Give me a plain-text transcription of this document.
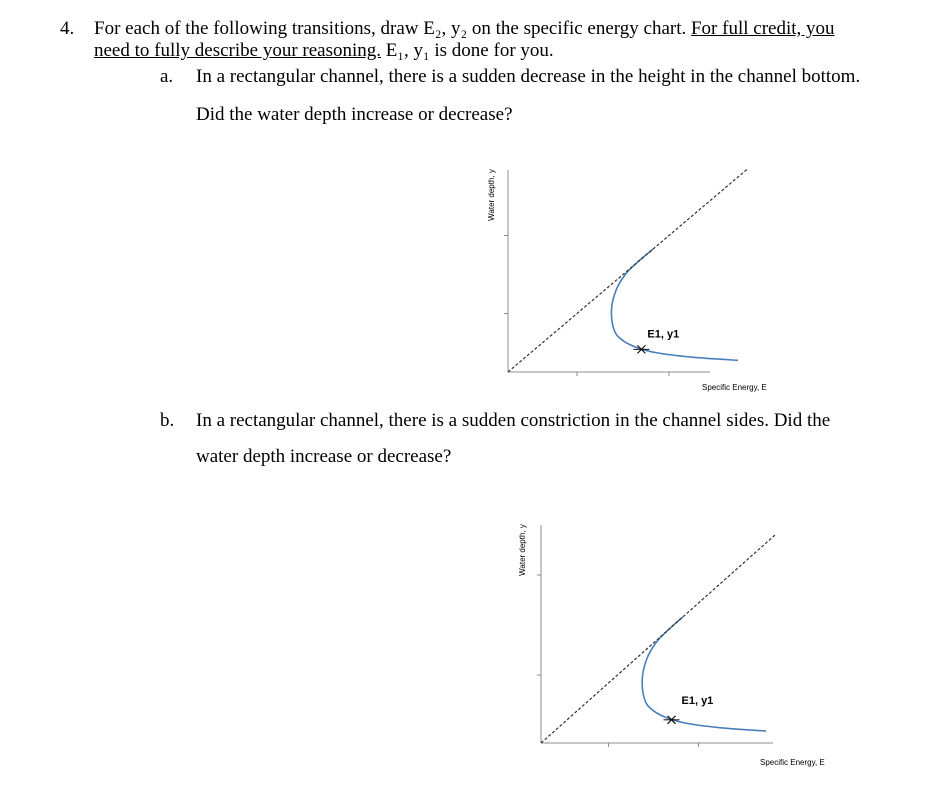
4. For each of the following transitions, draw E₂, y₂ on the specific energy chart. For full credit, you
need to fully describe your reasoning. E₁, y₁ is done for you.
a. In a rectangular channel, there is a sudden decrease in the height in the channel bottom.
Did the water depth increase or decrease?
Specific Energy, E
Water depth, y
E1, y1
b. In a rectangular channel, there is a sudden constriction in the channel sides. Did the
water depth increase or decrease?
Specific Energy, E
Water depth, y
E1, y1
